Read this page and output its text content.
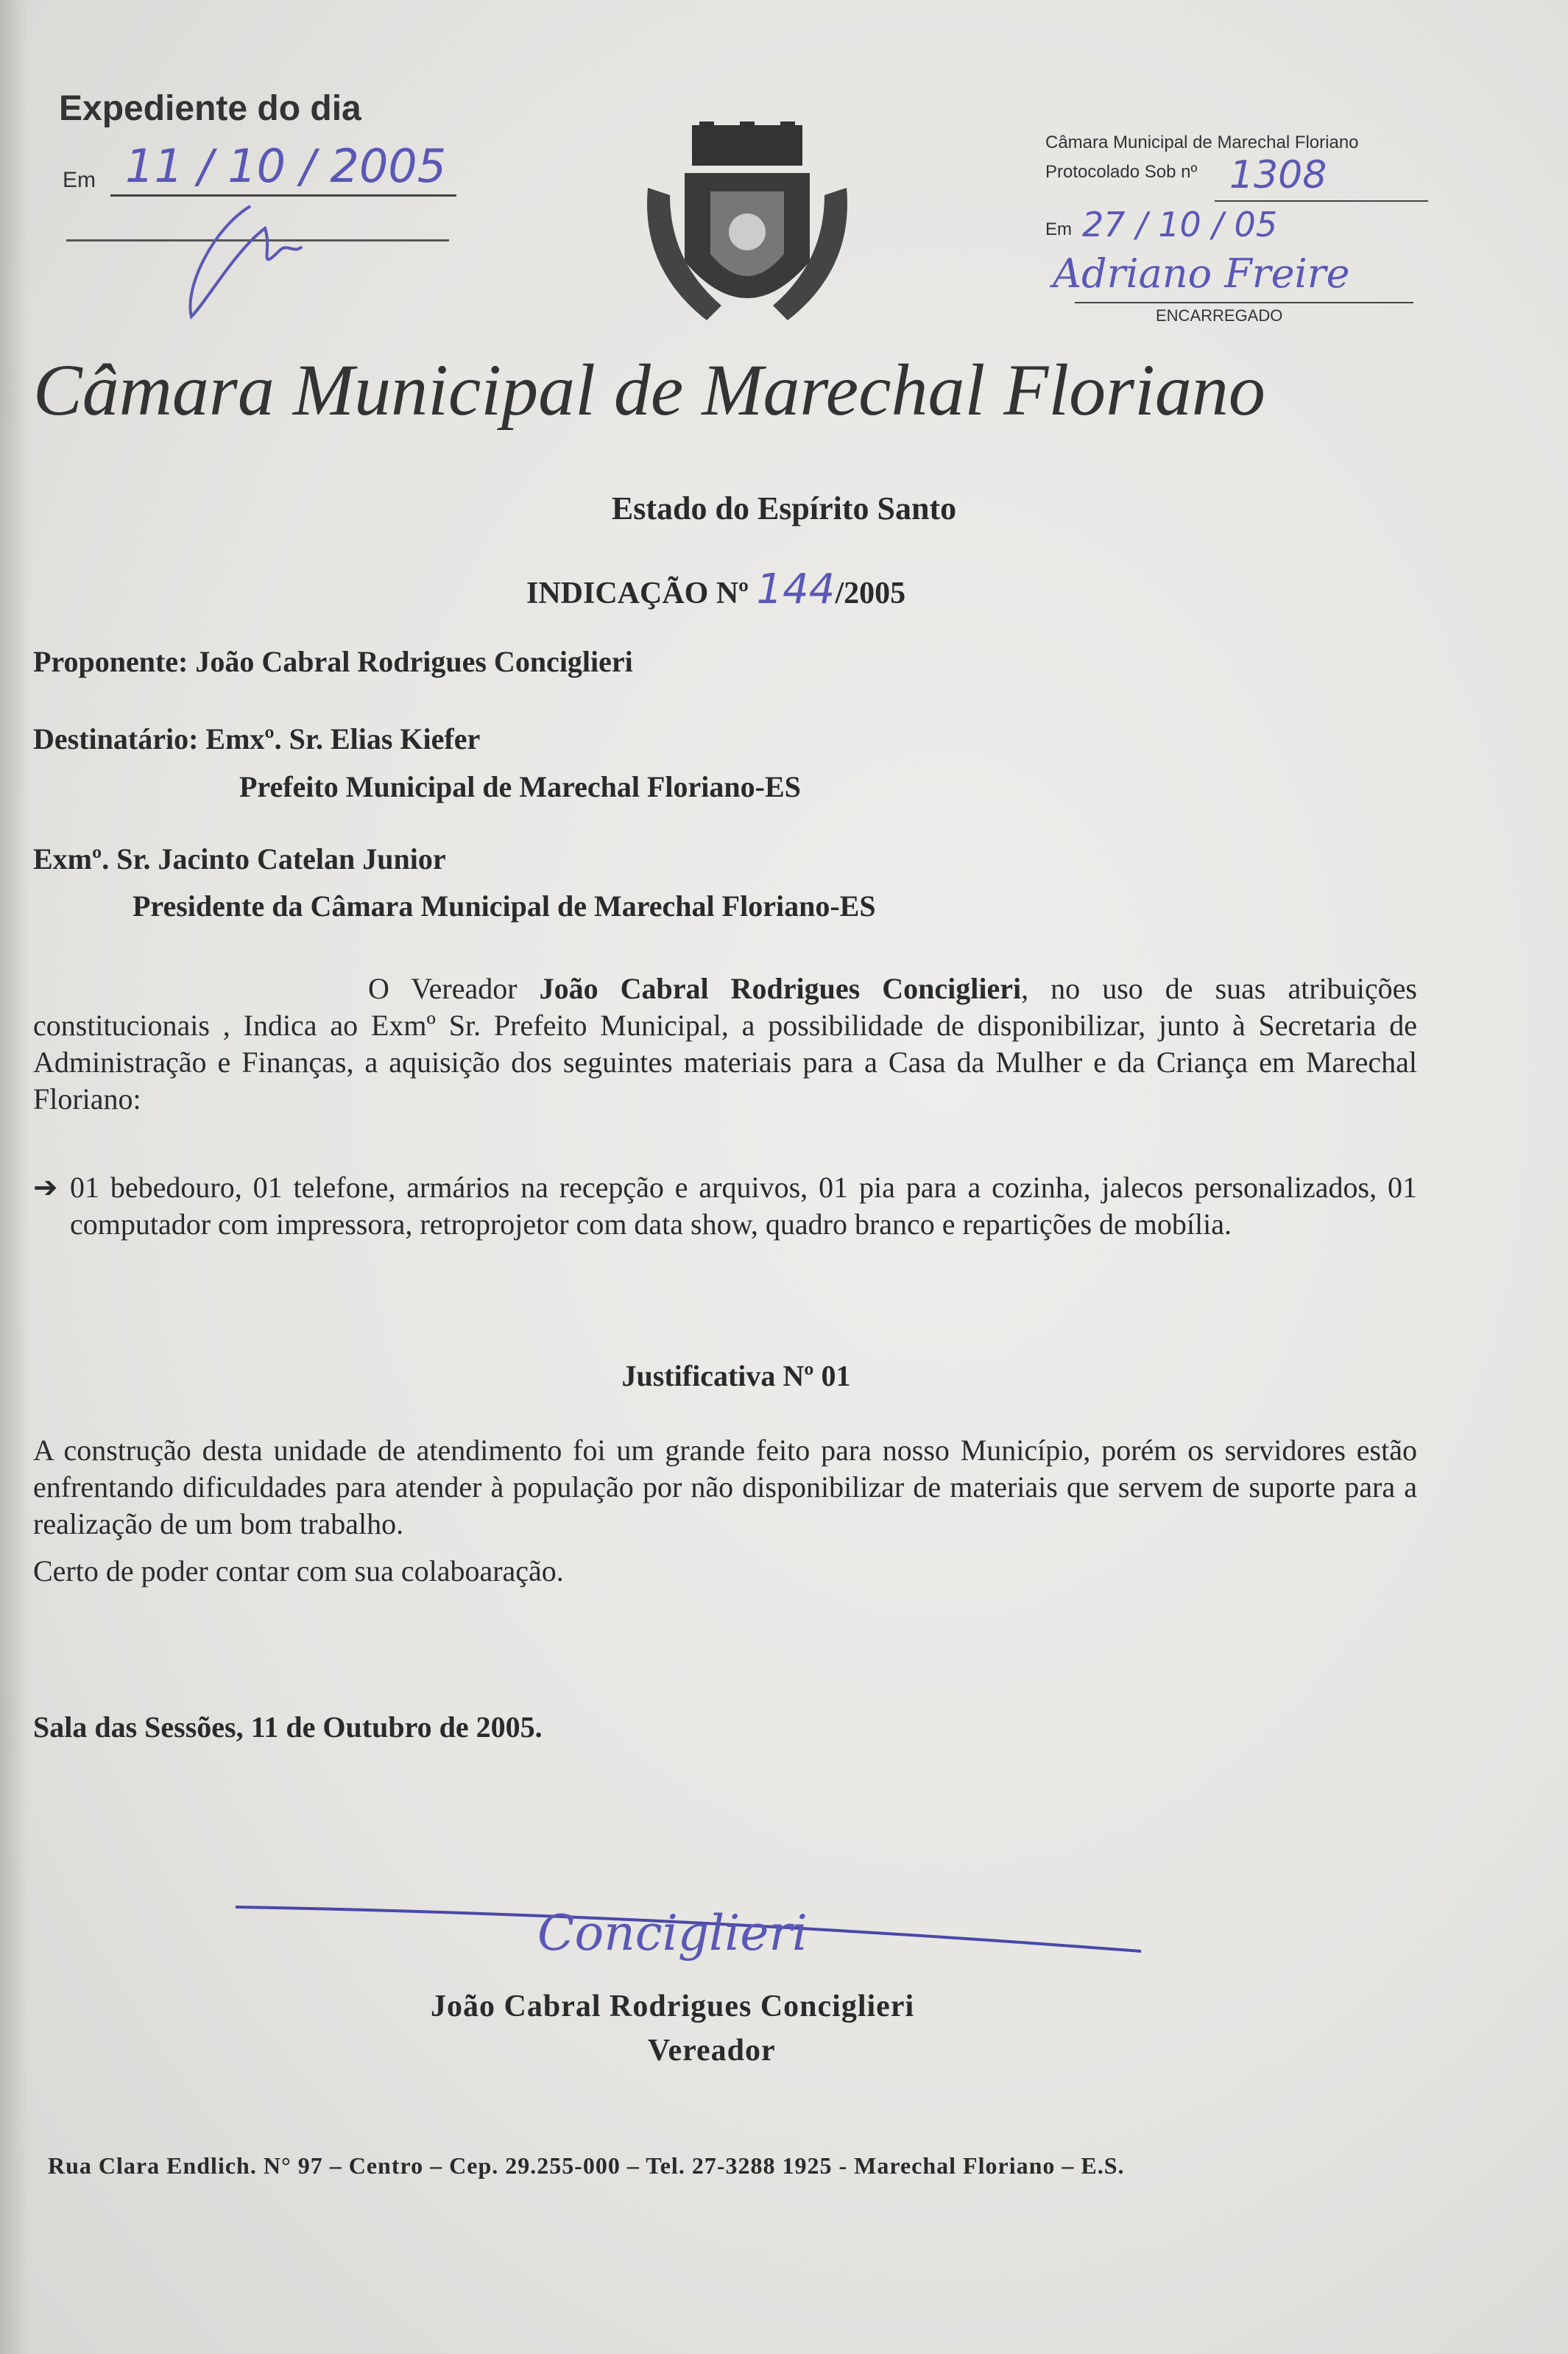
Expediente do dia
Em 11 / 10 / 2005	Câmara Municipal de Marechal Floriano
Protocolado Sob nº 1308
Em 27 / 10 / 05
Adriano Freire
ENCARREGADO
Câmara Municipal de Marechal Floriano
Estado do Espírito Santo
INDICAÇÃO Nº 144/2005
Proponente: João Cabral Rodrigues Conciglieri
Destinatário: Emxº. Sr. Elias Kiefer
Prefeito Municipal de Marechal Floriano-ES
Exmº. Sr. Jacinto Catelan Junior
Presidente da Câmara Municipal de Marechal Floriano-ES
O Vereador João Cabral Rodrigues Conciglieri, no uso de suas atribuições constitucionais , Indica ao Exmº Sr. Prefeito Municipal, a possibilidade de disponibilizar, junto à Secretaria de Administração e Finanças, a aquisição dos seguintes materiais para a Casa da Mulher e da Criança em Marechal Floriano:
➔ 01 bebedouro, 01 telefone, armários na recepção e arquivos, 01 pia para a cozinha, jalecos personalizados, 01 computador com impressora, retroprojetor com data show, quadro branco e repartições de mobília.
Justificativa Nº 01
A construção desta unidade de atendimento foi um grande feito para nosso Município, porém os servidores estão enfrentando dificuldades para atender à população por não disponibilizar de materiais que servem de suporte para a realização de um bom trabalho.
Certo de poder contar com sua colaboaração.
Sala das Sessões, 11 de Outubro de 2005.
Conciglieri
João Cabral Rodrigues Conciglieri
Vereador
Rua Clara Endlich. N° 97 – Centro – Cep. 29.255-000 – Tel. 27-3288 1925 - Marechal Floriano – E.S.
